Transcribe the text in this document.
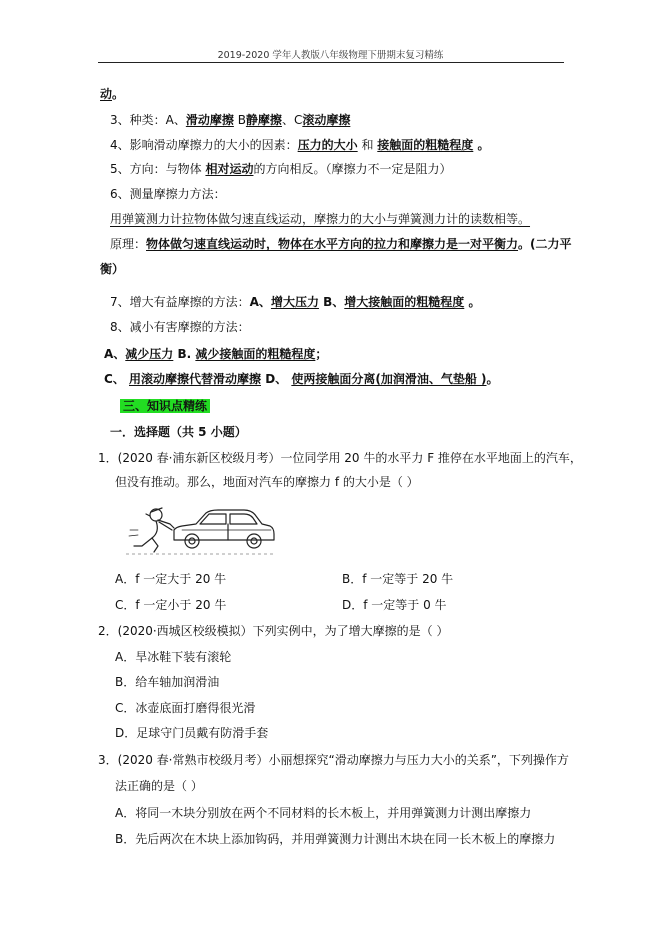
2019-2020 学年人教版八年级物理下册期末复习精练
动。
3、种类：A、滑动摩擦 B静摩擦、C滚动摩擦
4、影响滑动摩擦力的大小的因素：压力的大小 和 接触面的粗糙程度 。
5、方向：与物体 相对运动的方向相反。（摩擦力不一定是阻力）
6、测量摩擦力方法：
用弹簧测力计拉物体做匀速直线运动，摩擦力的大小与弹簧测力计的读数相等。
原理：物体做匀速直线运动时，物体在水平方向的拉力和摩擦力是一对平衡力。(二力平
衡）
7、增大有益摩擦的方法：A、增大压力 B、增大接触面的粗糙程度 。
8、减小有害摩擦的方法：
A、减少压力 B. 减少接触面的粗糙程度；
C、 用滚动摩擦代替滑动摩擦 D、 使两接触面分离(加润滑油、气垫船 )。
三、知识点精练
一．选择题（共 5 小题）
1．(2020 春·浦东新区校级月考）一位同学用 20 牛的水平力 F 推停在水平地面上的汽车，
但没有推动。那么，地面对汽车的摩擦力 f 的大小是（ ）
A．f 一定大于 20 牛	B．f 一定等于 20 牛
C．f 一定小于 20 牛	D．f 一定等于 0 牛
2．(2020·西城区校级模拟）下列实例中，为了增大摩擦的是（ ）
A．旱冰鞋下装有滚轮
B．给车轴加润滑油
C．冰壶底面打磨得很光滑
D．足球守门员戴有防滑手套
3．(2020 春·常熟市校级月考）小丽想探究“滑动摩擦力与压力大小的关系”，下列操作方
法正确的是（ ）
A．将同一木块分别放在两个不同材料的长木板上，并用弹簧测力计测出摩擦力
B．先后两次在木块上添加钩码，并用弹簧测力计测出木块在同一长木板上的摩擦力
